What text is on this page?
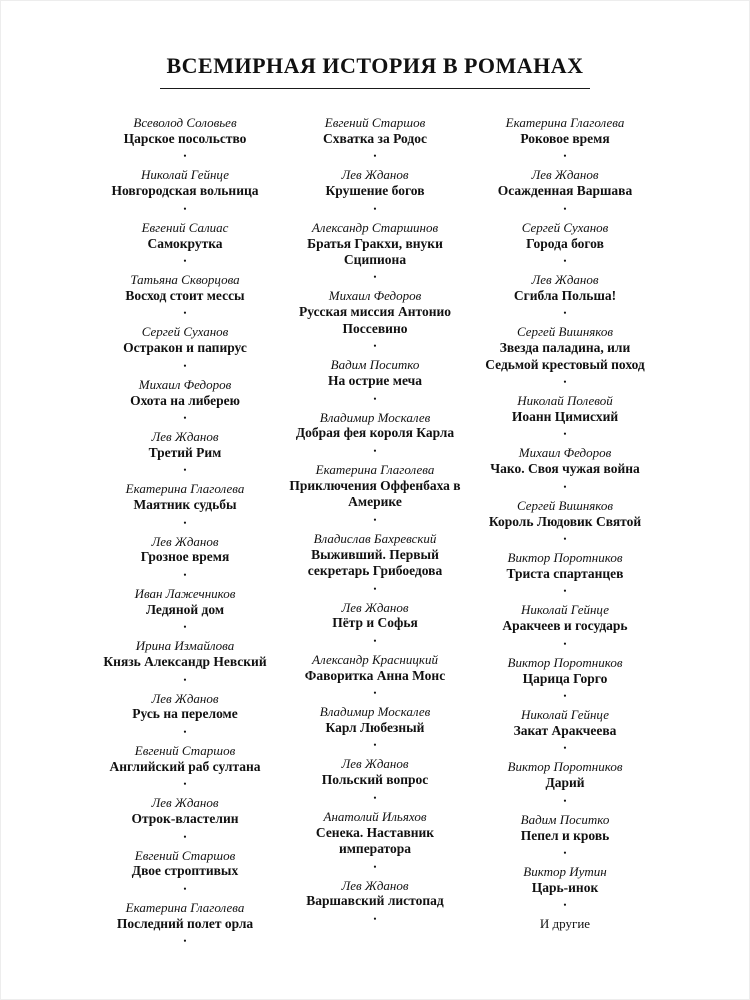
ВСЕМИРНАЯ ИСТОРИЯ В РОМАНАХ
Всеволод Соловьев
Царское посольство
•
Николай Гейнце
Новгородская вольница
•
Евгений Салиас
Самокрутка
•
Татьяна Скворцова
Восход стоит мессы
•
Сергей Суханов
Остракон и папирус
•
Михаил Федоров
Охота на либерею
•
Лев Жданов
Третий Рим
•
Екатерина Глаголева
Маятник судьбы
•
Лев Жданов
Грозное время
•
Иван Лажечников
Ледяной дом
•
Ирина Измайлова
Князь Александр Невский
•
Лев Жданов
Русь на переломе
•
Евгений Старшов
Английский раб султана
•
Лев Жданов
Отрок-властелин
•
Евгений Старшов
Двое строптивых
•
Екатерина Глаголева
Последний полет орла
•
Евгений Старшов
Схватка за Родос
•
Лев Жданов
Крушение богов
•
Александр Старшинов
Братья Гракхи, внуки Сципиона
•
Михаил Федоров
Русская миссия Антонио Поссевино
•
Вадим Поситко
На острие меча
•
Владимир Москалев
Добрая фея короля Карла
•
Екатерина Глаголева
Приключения Оффенбаха в Америке
•
Владислав Бахревский
Выживший. Первый секретарь Грибоедова
•
Лев Жданов
Пётр и Софья
•
Александр Красницкий
Фаворитка Анна Монс
•
Владимир Москалев
Карл Любезный
•
Лев Жданов
Польский вопрос
•
Анатолий Ильяхов
Сенека. Наставник императора
•
Лев Жданов
Варшавский листопад
•
Екатерина Глаголева
Роковое время
•
Лев Жданов
Осажденная Варшава
•
Сергей Суханов
Города богов
•
Лев Жданов
Сгибла Польша!
•
Сергей Вишняков
Звезда паладина, или Седьмой крестовый поход
•
Николай Полевой
Иоанн Цимисхий
•
Михаил Федоров
Чако. Своя чужая война
•
Сергей Вишняков
Король Людовик Святой
•
Виктор Поротников
Триста спартанцев
•
Николай Гейнце
Аракчеев и государь
•
Виктор Поротников
Царица Горго
•
Николай Гейнце
Закат Аракчеева
•
Виктор Поротников
Дарий
•
Вадим Поситко
Пепел и кровь
•
Виктор Иутин
Царь-инок
•
И другие
